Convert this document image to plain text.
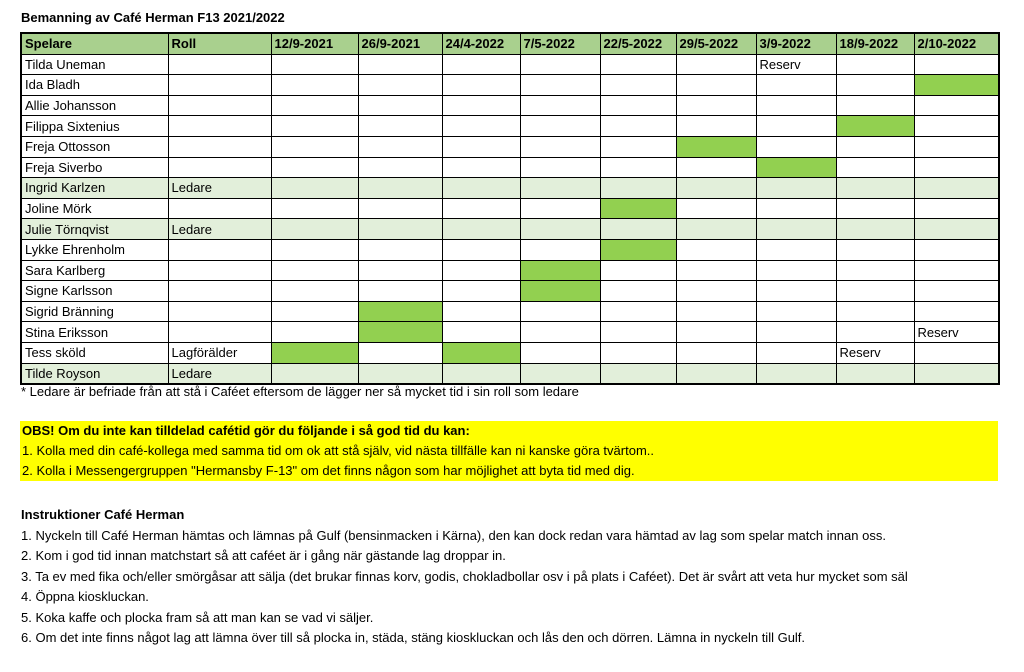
Bemanning av Café Herman F13 2021/2022
Spelare	Roll	12/9-2021	26/9-2021	24/4-2022	7/5-2022	22/5-2022	29/5-2022	3/9-2022	18/9-2022	2/10-2022
Tilda Uneman								Reserv		
Ida Bladh										
Allie Johansson										
Filippa Sixtenius										
Freja Ottosson										
Freja Siverbo										
Ingrid Karlzen	Ledare									
Joline Mörk										
Julie Törnqvist	Ledare									
Lykke Ehrenholm										
Sara Karlberg										
Signe Karlsson										
Sigrid Bränning										
Stina Eriksson										Reserv
Tess sköld	Lagförälder								Reserv	
Tilde Royson	Ledare									
* Ledare är befriade från att stå i Caféet eftersom de lägger ner så mycket tid i sin roll som ledare
OBS! Om du inte kan tilldelad cafétid gör du följande i så god tid du kan:
1. Kolla med din café-kollega med samma tid om ok att stå själv, vid nästa tillfälle kan ni kanske göra tvärtom..
2. Kolla i Messengergruppen "Hermansby F-13" om det finns någon som har möjlighet att byta tid med dig.
Instruktioner Café Herman
1. Nyckeln till Café Herman hämtas och lämnas på Gulf (bensinmacken i Kärna), den kan dock redan vara hämtad av lag som spelar match innan oss.
2. Kom i god tid innan matchstart så att caféet är i gång när gästande lag droppar in.
3. Ta ev med fika och/eller smörgåsar att sälja (det brukar finnas korv, godis, chokladbollar osv i på plats i Caféet). Det är svårt att veta hur mycket som säl
4. Öppna kioskluckan.
5. Koka kaffe och plocka fram så att man kan se vad vi säljer.
6. Om det inte finns något lag att lämna över till så plocka in, städa, stäng kioskluckan och lås den och dörren. Lämna in nyckeln till Gulf.
